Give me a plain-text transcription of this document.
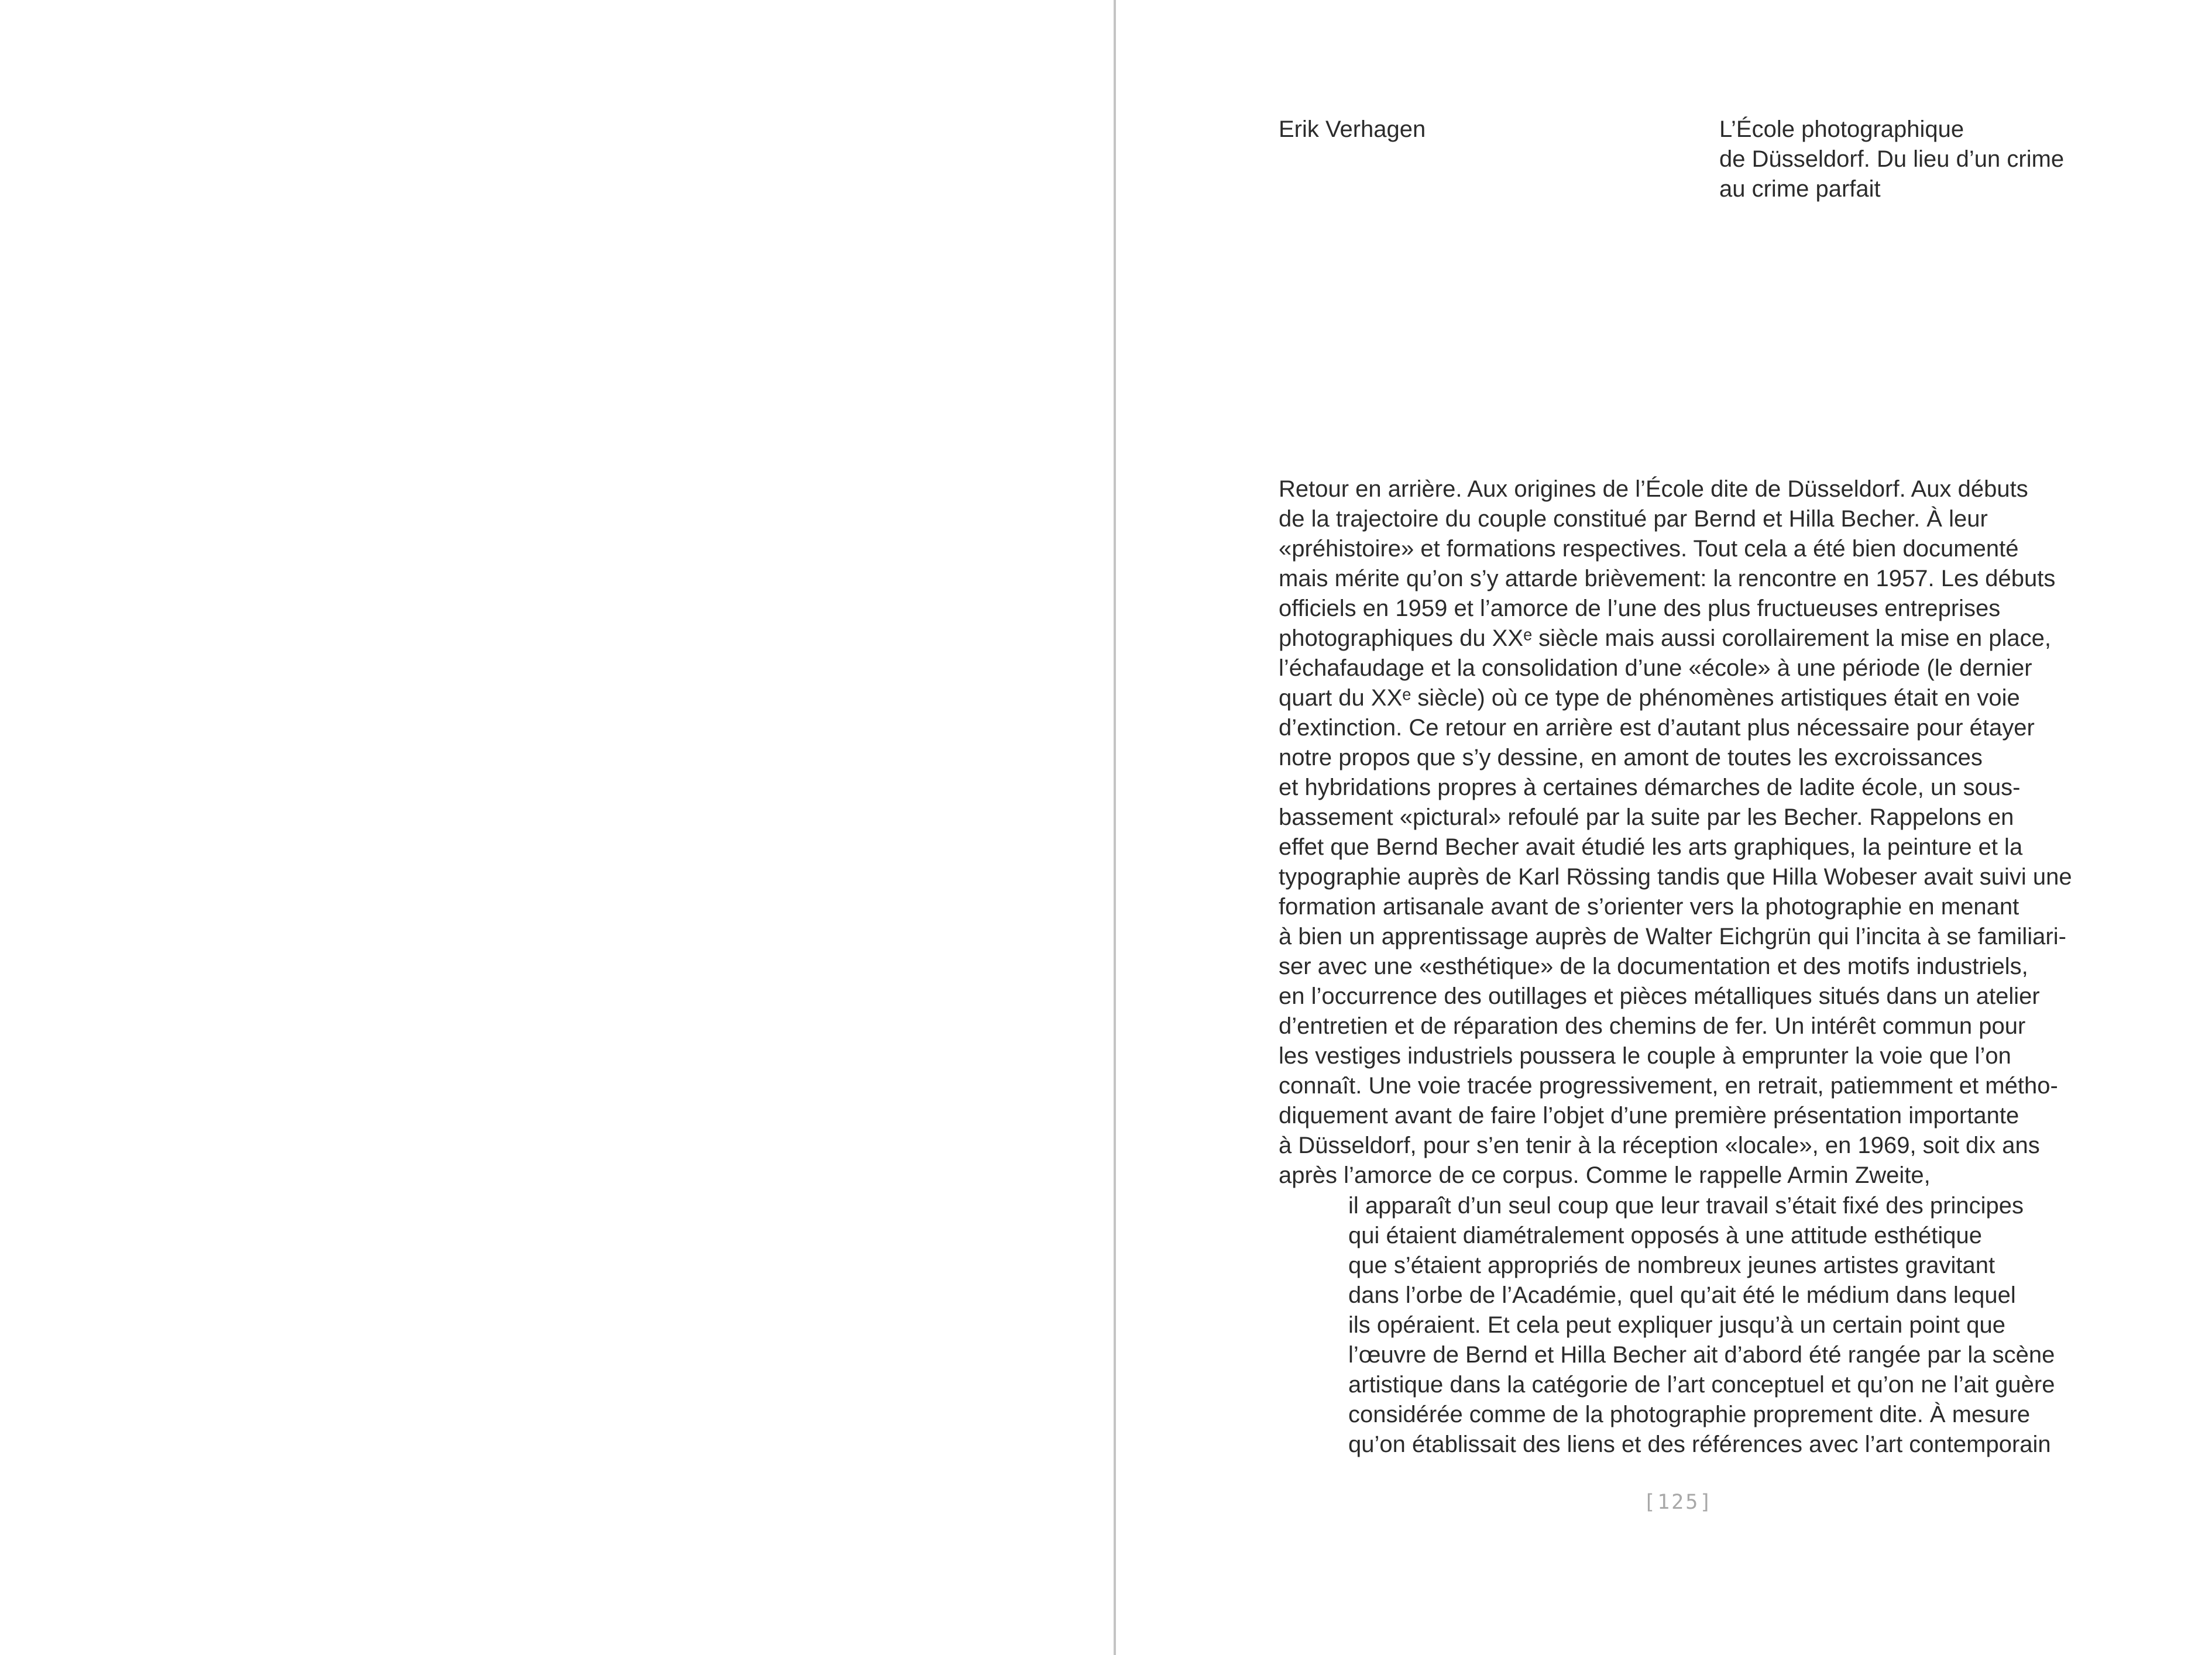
Erik Verhagen	L’École photographique
de Düsseldorf. Du lieu d’un crime
au crime parfait

Retour en arrière. Aux origines de l’École dite de Düsseldorf. Aux débuts
de la trajectoire du couple constitué par Bernd et Hilla Becher. À leur
«préhistoire» et formations respectives. Tout cela a été bien documenté
mais mérite qu’on s’y attarde brièvement: la rencontre en 1957. Les débuts
officiels en 1959 et l’amorce de l’une des plus fructueuses entreprises
photographiques du XXᵉ siècle mais aussi corollairement la mise en place,
l’échafaudage et la consolidation d’une «école» à une période (le dernier
quart du XXᵉ siècle) où ce type de phénomènes artistiques était en voie
d’extinction. Ce retour en arrière est d’autant plus nécessaire pour étayer
notre propos que s’y dessine, en amont de toutes les excroissances
et hybridations propres à certaines démarches de ladite école, un sous-
bassement «pictural» refoulé par la suite par les Becher. Rappelons en
effet que Bernd Becher avait étudié les arts graphiques, la peinture et la
typographie auprès de Karl Rössing tandis que Hilla Wobeser avait suivi une
formation artisanale avant de s’orienter vers la photographie en menant
à bien un apprentissage auprès de Walter Eichgrün qui l’incita à se familiari-
ser avec une «esthétique» de la documentation et des motifs industriels,
en l’occurrence des outillages et pièces métalliques situés dans un atelier
d’entretien et de réparation des chemins de fer. Un intérêt commun pour
les vestiges industriels poussera le couple à emprunter la voie que l’on
connaît. Une voie tracée progressivement, en retrait, patiemment et métho-
diquement avant de faire l’objet d’une première présentation importante
à Düsseldorf, pour s’en tenir à la réception «locale», en 1969, soit dix ans
après l’amorce de ce corpus. Comme le rappelle Armin Zweite,

il apparaît d’un seul coup que leur travail s’était fixé des principes
qui étaient diamétralement opposés à une attitude esthétique
que s’étaient appropriés de nombreux jeunes artistes gravitant
dans l’orbe de l’Académie, quel qu’ait été le médium dans lequel
ils opéraient. Et cela peut expliquer jusqu’à un certain point que
l’œuvre de Bernd et Hilla Becher ait d’abord été rangée par la scène
artistique dans la catégorie de l’art conceptuel et qu’on ne l’ait guère
considérée comme de la photographie proprement dite. À mesure
qu’on établissait des liens et des références avec l’art contemporain
[125]
